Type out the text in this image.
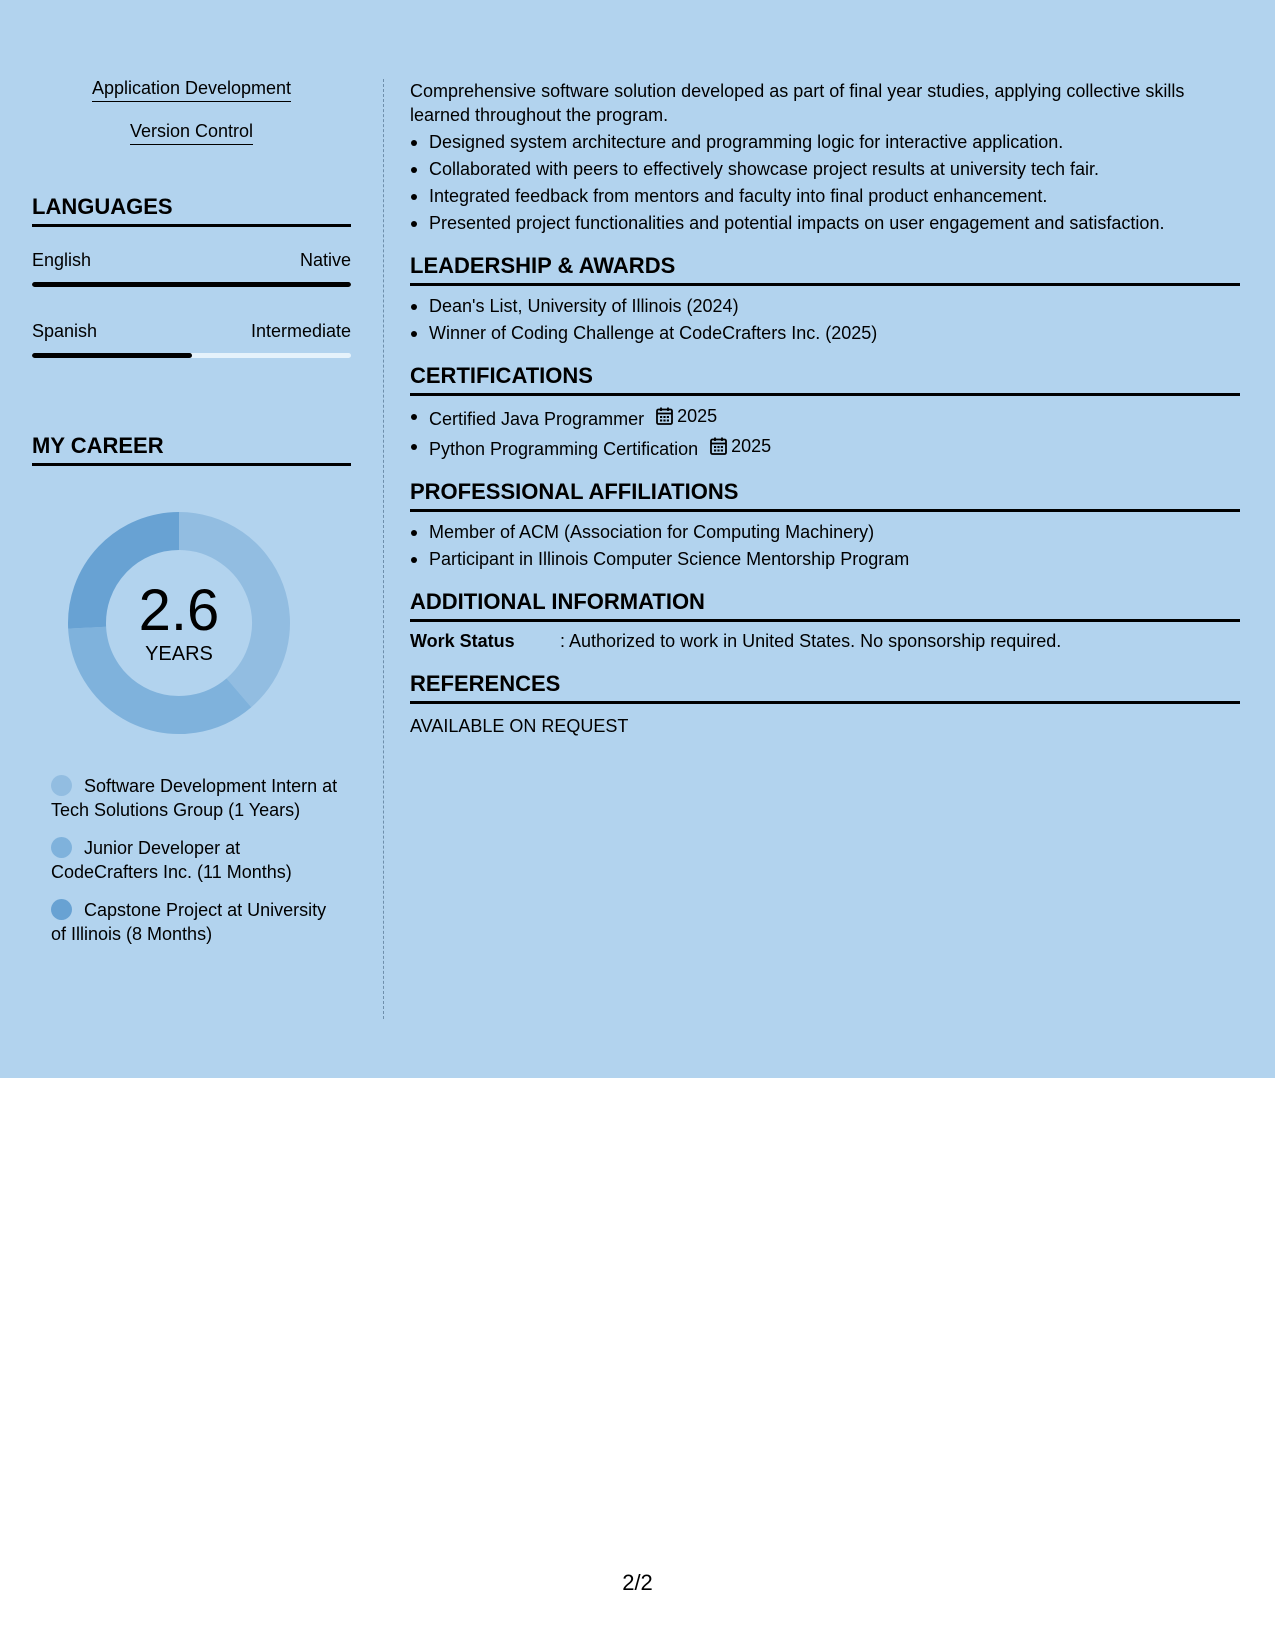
Application Development
Version Control
LANGUAGES
English	Native
Spanish	Intermediate
MY CAREER
2.6
YEARS
Software Development Intern at Tech Solutions Group (1 Years)
Junior Developer at CodeCrafters Inc. (11 Months)
Capstone Project at University of Illinois (8 Months)
Comprehensive software solution developed as part of final year studies, applying collective skills learned throughout the program.
Designed system architecture and programming logic for interactive application.
Collaborated with peers to effectively showcase project results at university tech fair.
Integrated feedback from mentors and faculty into final product enhancement.
Presented project functionalities and potential impacts on user engagement and satisfaction.
LEADERSHIP & AWARDS
Dean's List, University of Illinois (2024)
Winner of Coding Challenge at CodeCrafters Inc. (2025)
CERTIFICATIONS
Certified Java Programmer 2025
Python Programming Certification 2025
PROFESSIONAL AFFILIATIONS
Member of ACM (Association for Computing Machinery)
Participant in Illinois Computer Science Mentorship Program
ADDITIONAL INFORMATION
Work Status	: Authorized to work in United States. No sponsorship required.
REFERENCES
AVAILABLE ON REQUEST
2/2
